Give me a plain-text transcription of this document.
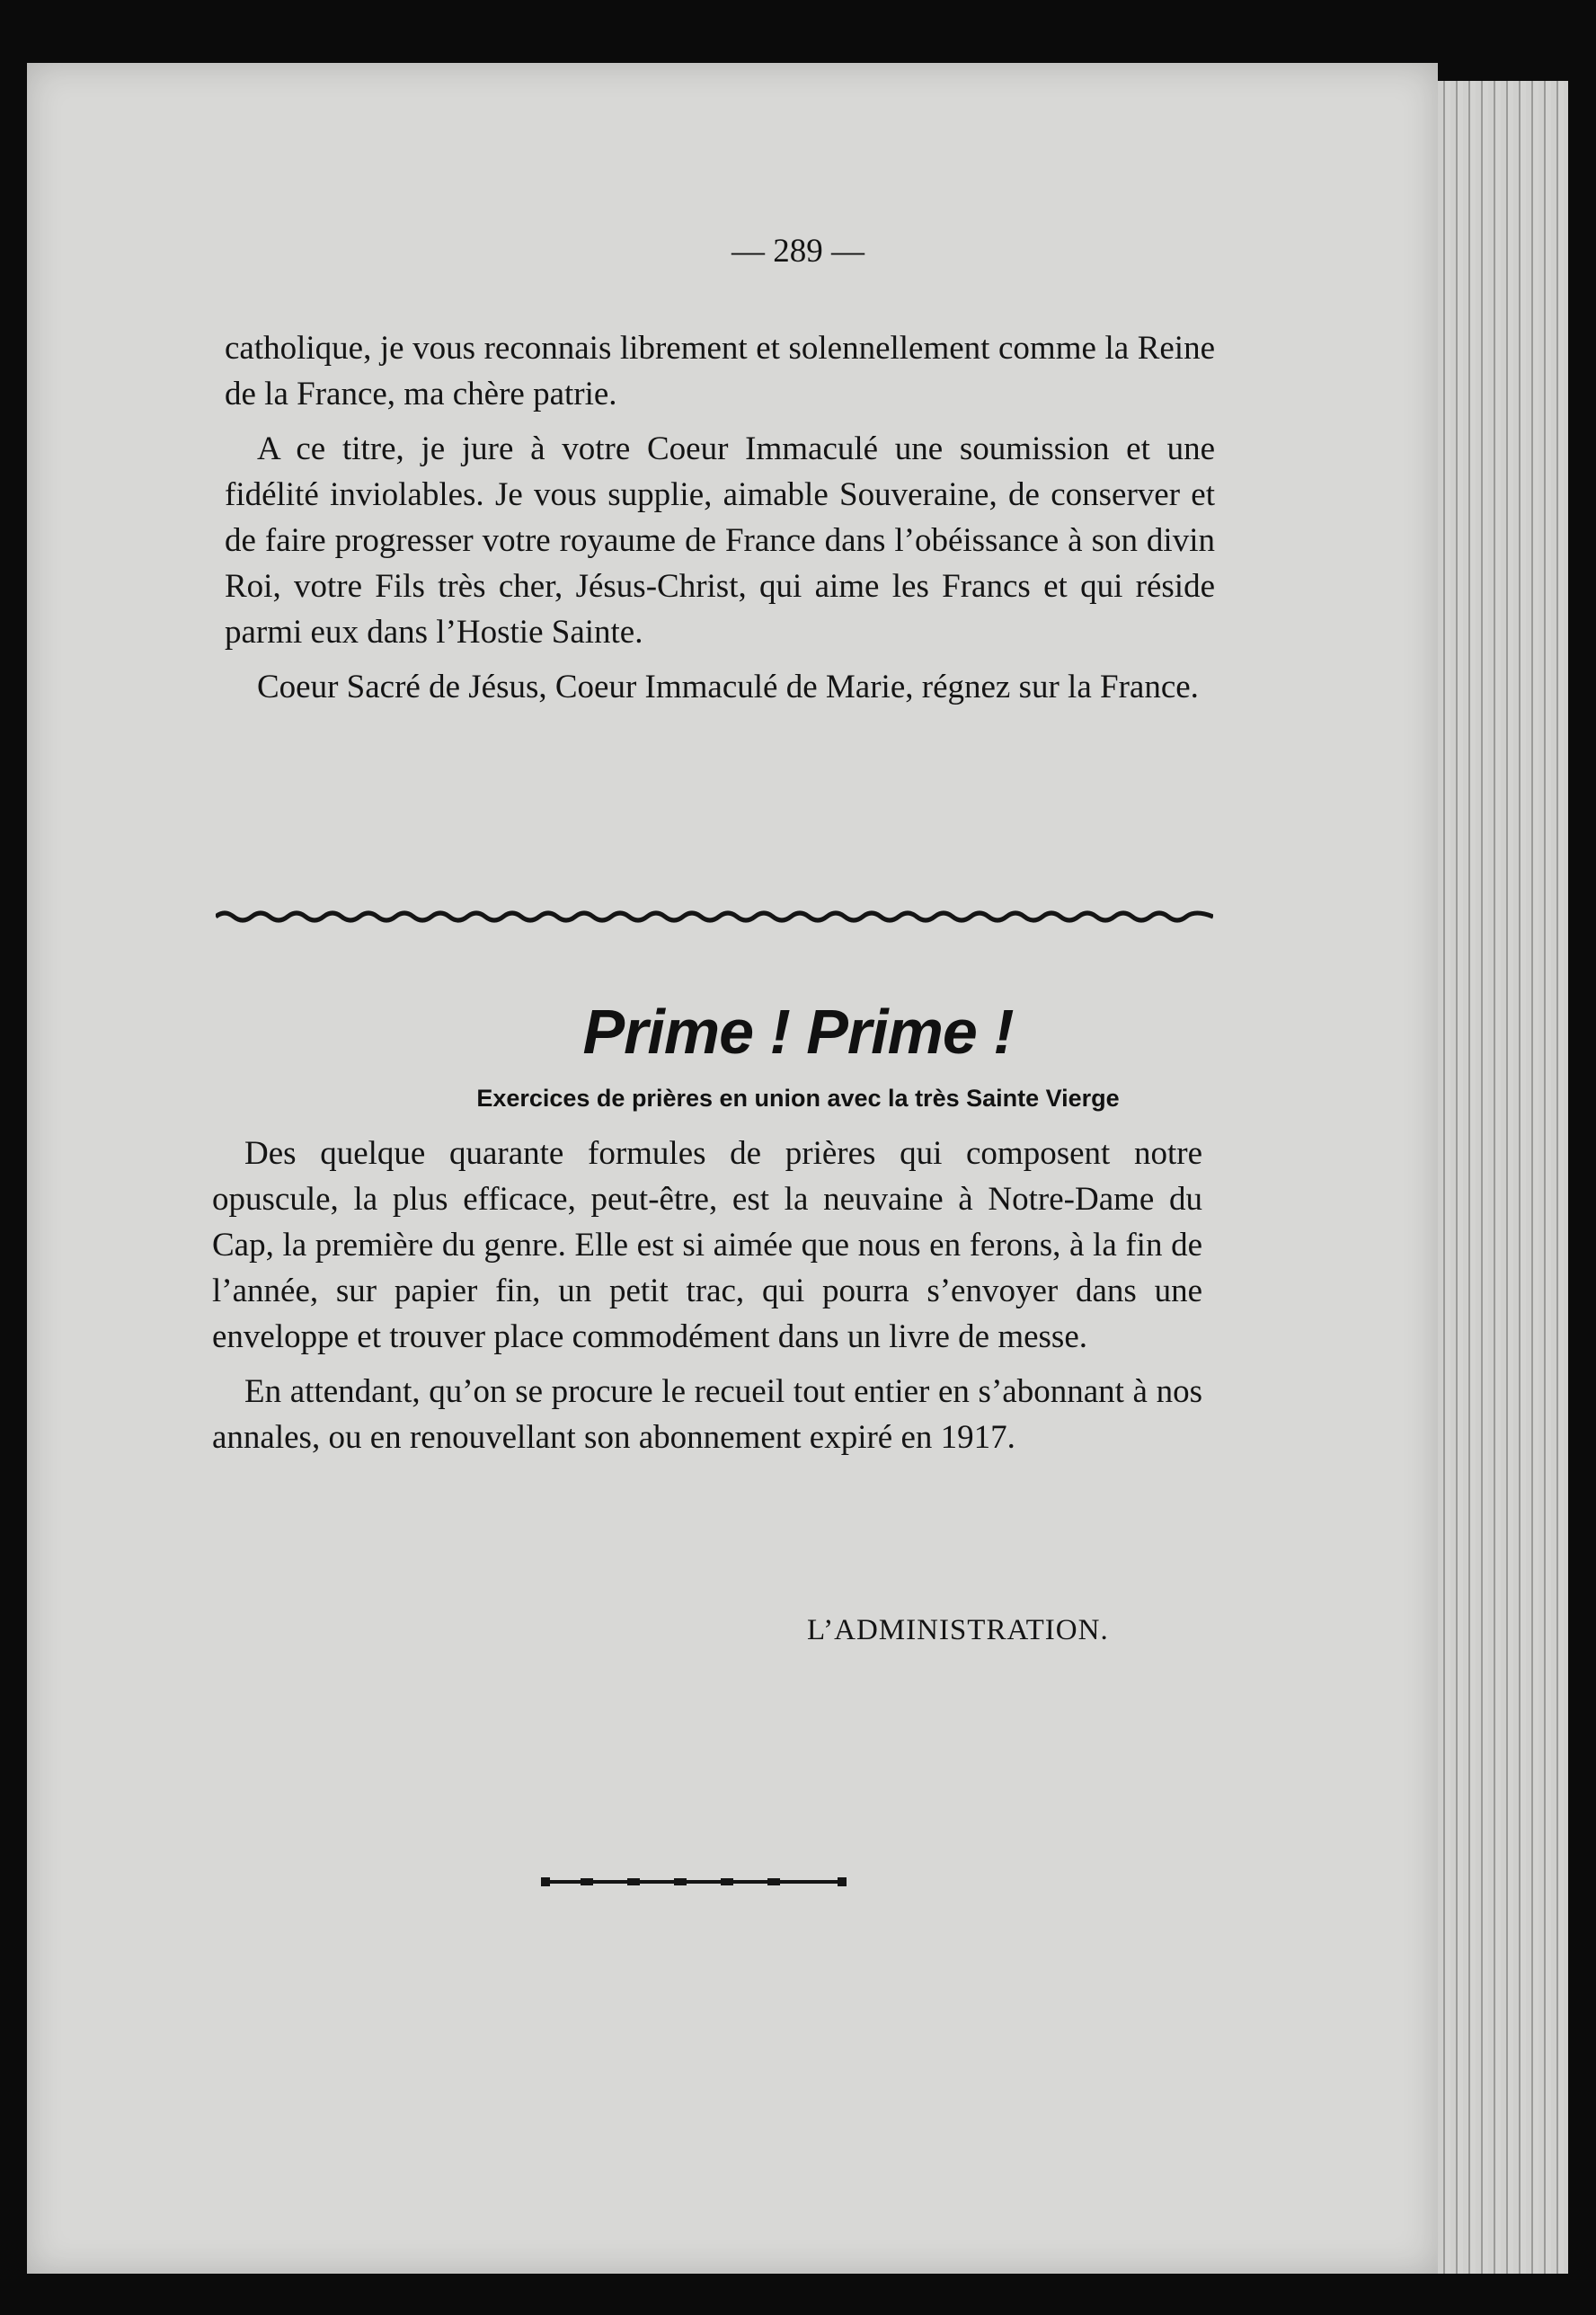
— 289 —

catholique, je vous reconnais librement et solennellement comme la Reine de la France, ma chère patrie.

A ce titre, je jure à votre Coeur Immaculé une soumission et une fidélité inviolables. Je vous supplie, aimable Souveraine, de conserver et de faire progresser votre royaume de France dans l’obéissance à son divin Roi, votre Fils très cher, Jésus-Christ, qui aime les Francs et qui réside parmi eux dans l’Hostie Sainte.

Coeur Sacré de Jésus, Coeur Immaculé de Marie, régnez sur la France.

Prime ! Prime !
Exercices de prières en union avec la très Sainte Vierge

Des quelque quarante formules de prières qui composent notre opuscule, la plus efficace, peut-être, est la neuvaine à Notre-Dame du Cap, la première du genre. Elle est si aimée que nous en ferons, à la fin de l’année, sur papier fin, un petit trac, qui pourra s’envoyer dans une enveloppe et trouver place commodément dans un livre de messe.

En attendant, qu’on se procure le recueil tout entier en s’abonnant à nos annales, ou en renouvellant son abonnement expiré en 1917.

L’ADMINISTRATION.
